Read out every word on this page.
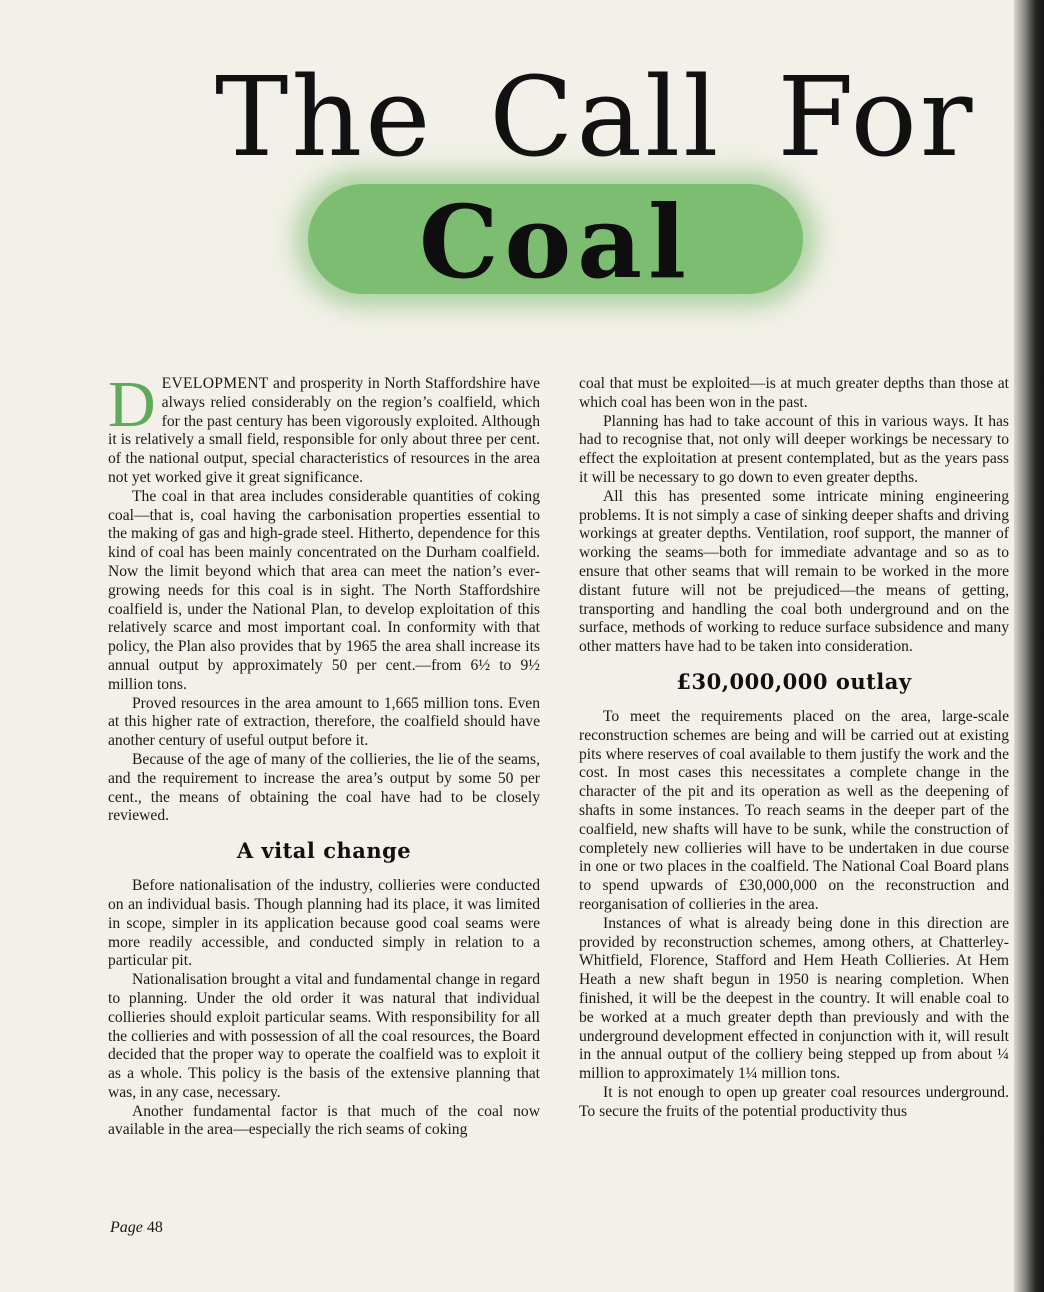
The Call For
Coal

DEVELOPMENT and prosperity in North Staffordshire have always relied considerably on the region’s coalfield, which for the past century has been vigorously exploited. Although it is relatively a small field, responsible for only about three per cent. of the national output, special characteristics of resources in the area not yet worked give it great significance.

The coal in that area includes considerable quantities of coking coal—that is, coal having the carbonisation properties essential to the making of gas and high-grade steel. Hitherto, dependence for this kind of coal has been mainly concentrated on the Durham coalfield. Now the limit beyond which that area can meet the nation’s ever-growing needs for this coal is in sight. The North Staffordshire coalfield is, under the National Plan, to develop exploitation of this relatively scarce and most important coal. In conformity with that policy, the Plan also provides that by 1965 the area shall increase its annual output by approximately 50 per cent.—from 6½ to 9½ million tons.

Proved resources in the area amount to 1,665 million tons. Even at this higher rate of extraction, therefore, the coalfield should have another century of useful output before it.

Because of the age of many of the collieries, the lie of the seams, and the requirement to increase the area’s output by some 50 per cent., the means of obtaining the coal have had to be closely reviewed.

A vital change

Before nationalisation of the industry, collieries were conducted on an individual basis. Though planning had its place, it was limited in scope, simpler in its application because good coal seams were more readily accessible, and conducted simply in relation to a particular pit.

Nationalisation brought a vital and fundamental change in regard to planning. Under the old order it was natural that individual collieries should exploit particular seams. With responsibility for all the collieries and with possession of all the coal resources, the Board decided that the proper way to operate the coalfield was to exploit it as a whole. This policy is the basis of the extensive planning that was, in any case, necessary.

Another fundamental factor is that much of the coal now available in the area—especially the rich seams of coking

coal that must be exploited—is at much greater depths than those at which coal has been won in the past.

Planning has had to take account of this in various ways. It has had to recognise that, not only will deeper workings be necessary to effect the exploitation at present contemplated, but as the years pass it will be necessary to go down to even greater depths.

All this has presented some intricate mining engineering problems. It is not simply a case of sinking deeper shafts and driving workings at greater depths. Ventilation, roof support, the manner of working the seams—both for immediate advantage and so as to ensure that other seams that will remain to be worked in the more distant future will not be prejudiced—the means of getting, transporting and handling the coal both underground and on the surface, methods of working to reduce surface subsidence and many other matters have had to be taken into consideration.

£30,000,000 outlay

To meet the requirements placed on the area, large-scale reconstruction schemes are being and will be carried out at existing pits where reserves of coal available to them justify the work and the cost. In most cases this necessitates a complete change in the character of the pit and its operation as well as the deepening of shafts in some instances. To reach seams in the deeper part of the coalfield, new shafts will have to be sunk, while the construction of completely new collieries will have to be undertaken in due course in one or two places in the coalfield. The National Coal Board plans to spend upwards of £30,000,000 on the reconstruction and reorganisation of collieries in the area.

Instances of what is already being done in this direction are provided by reconstruction schemes, among others, at Chatterley-Whitfield, Florence, Stafford and Hem Heath Collieries. At Hem Heath a new shaft begun in 1950 is nearing completion. When finished, it will be the deepest in the country. It will enable coal to be worked at a much greater depth than previously and with the underground development effected in conjunction with it, will result in the annual output of the colliery being stepped up from about ¼ million to approximately 1¼ million tons.

It is not enough to open up greater coal resources underground. To secure the fruits of the potential productivity thus

Page 48
